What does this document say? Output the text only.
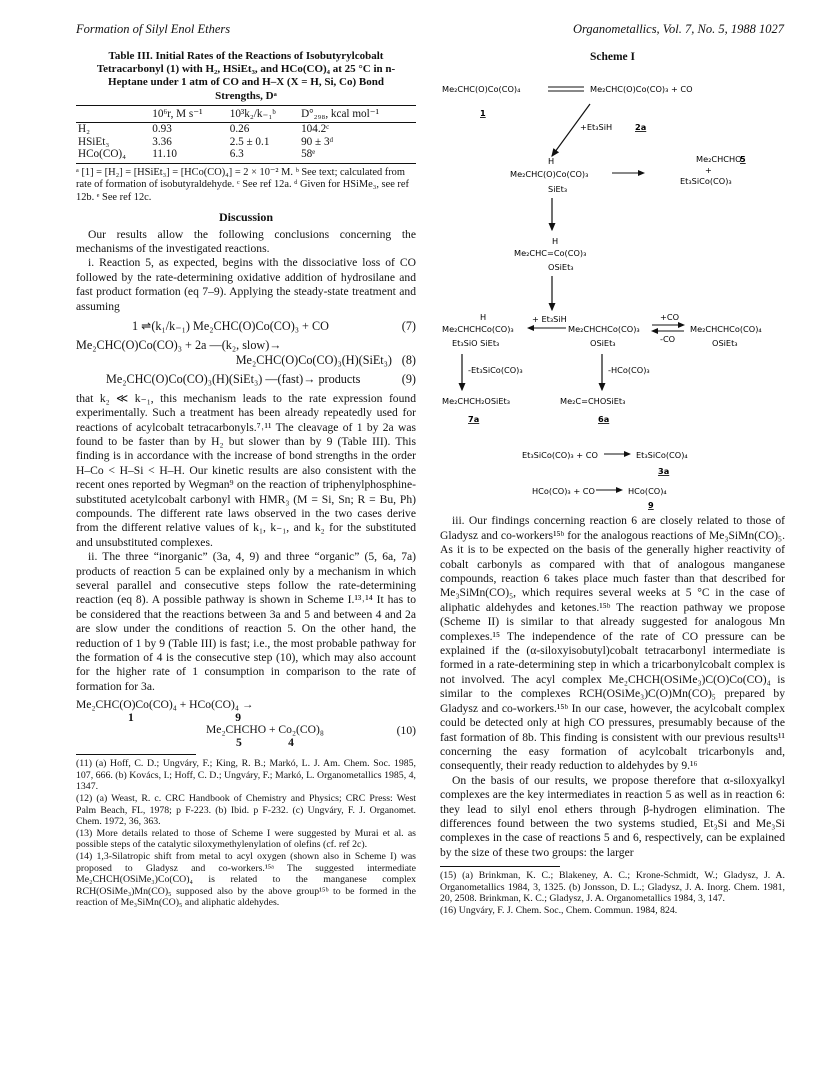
Formation of Silyl Enol Ethers	Organometallics, Vol. 7, No. 5, 1988 1027
Table III. Initial Rates of the Reactions of Isobutyrylcobalt Tetracarbonyl (1) with H₂, HSiEt₃, and HCo(CO)₄ at 25 °C in n-Heptane under 1 atm of CO and H–X (X = H, Si, Co) Bond Strengths, Dᵃ
	10⁶r, M s⁻¹	10³k₂/k₋₁ᵇ	D°₂₉₈, kcal mol⁻¹
H₂	0.93	0.26	104.2ᶜ
HSiEt₃	3.36	2.5 ± 0.1	90 ± 3ᵈ
HCo(CO)₄	11.10	6.3	58ᵉ
ᵃ [1] = [H₂] = [HSiEt₃] = [HCo(CO)₄] = 2 × 10⁻² M. ᵇ See text; calculated from rate of formation of isobutyraldehyde. ᶜ See ref 12a. ᵈ Given for HSiMe₃, see ref 12b. ᵉ See ref 12c.
Discussion

Our results allow the following conclusions concerning the mechanisms of the investigated reactions.

i. Reaction 5, as expected, begins with the dissociative loss of CO followed by the rate-determining oxidative addition of hydrosilane and fast product formation (eq 7–9). Applying the steady-state treatment and assuming

1 ⇌(k₁/k₋₁) Me₂CHC(O)Co(CO)₃ + CO	(7)
Me₂CHC(O)Co(CO)₃ + 2a —(k₂, slow)→
Me₂CHC(O)Co(CO)₃(H)(SiEt₃) (8)
Me₂CHC(O)Co(CO)₃(H)(SiEt₃) —(fast)→ products	(9)

that k₂ ≪ k₋₁, this mechanism leads to the rate expression found experimentally. Such a treatment has been already repeatedly used for reactions of acylcobalt tetracarbonyls.⁷˒¹¹ The cleavage of 1 by 2a was found to be faster than by H₂ but slower than by 9 (Table III). This finding is in accordance with the increase of bond strengths in the order H–Co < H–Si < H–H. Our kinetic results are also consistent with the recent ones reported by Wegman⁹ on the reaction of triphenylphosphine-substituted acetylcobalt carbonyl with HMR₃ (M = Si, Sn; R = Bu, Ph) compounds. The different rate laws observed in the two cases derive from the different relative values of k₁, k₋₁, and k₂ for the substituted and unsubstituted complexes.

ii. The three “inorganic” (3a, 4, 9) and three “organic” (5, 6a, 7a) products of reaction 5 can be explained only by a mechanism in which several parallel and consecutive steps follow the rate-determining reaction (eq 8). A possible pathway is shown in Scheme I.¹³˒¹⁴ It has to be considered that the reactions between 3a and 5 and between 4 and 2a are slow under the conditions of reaction 5. On the other hand, the reduction of 1 by 9 (Table III) is fast; i.e., the most probable pathway for the formation of 4 is the consecutive step (10), which may also account for the higher rate of 1 consumption in comparison to the rate of formation for 3a.

Me₂CHC(O)Co(CO)₄ + HCo(CO)₄ →
1                                   9
Me₂CHCHO + Co₂(CO)₈
5                4
(10)
(11) (a) Hoff, C. D.; Ungváry, F.; King, R. B.; Markó, L. J. Am. Chem. Soc. 1985, 107, 666. (b) Kovács, I.; Hoff, C. D.; Ungváry, F.; Markó, L. Organometallics 1985, 4, 1347.
(12) (a) Weast, R. c. CRC Handbook of Chemistry and Physics; CRC Press: West Palm Beach, FL, 1978; p F-223. (b) Ibid. p F-232. (c) Ungváry, F. J. Organomet. Chem. 1972, 36, 363.
(13) More details related to those of Scheme I were suggested by Murai et al. as possible steps of the catalytic siloxymethylenylation of olefins (cf. ref 2c).
(14) 1,3-Silatropic shift from metal to acyl oxygen (shown also in Scheme I) was proposed to Gladysz and co-workers.¹⁵ᵃ The suggested intermediate Me₂CHCH(OSiMe₃)Co(CO)₄ is related to the manganese complex RCH(OSiMe₃)Mn(CO)₅ supposed also by the above group¹⁵ᵇ to be formed in the reaction of Me₃SiMn(CO)₅ and aliphatic aldehydes.
Scheme I
Me₂CHC(O)Co(CO)₄	Me₂CHC(O)Co(CO)₃ + CO
1
+Et₃SiH	2a
H
Me₂CHC(O)Co(CO)₃
SiEt₃
Me₂CHCHO
5
+
Et₃SiCo(CO)₃
H
Me₂CHC=Co(CO)₃
OSiEt₃
H
Me₂CHCHCo(CO)₃
Et₃SiO SiEt₃
+ Et₃SiH
Me₂CHCHCo(CO)₃
OSiEt₃
+CO
-CO
Me₂CHCHCo(CO)₄
OSiEt₃
-Et₃SiCo(CO)₃	-HCo(CO)₃
Me₂CHCH₂OSiEt₃
7a
Me₂C=CHOSiEt₃
6a
Et₃SiCo(CO)₃ + CO	Et₃SiCo(CO)₄
3a
HCo(CO)₃ + CO	HCo(CO)₄
9

iii. Our findings concerning reaction 6 are closely related to those of Gladysz and co-workers¹⁵ᵇ for the analogous reactions of Me₃SiMn(CO)₅. As it is to be expected on the basis of the generally higher reactivity of cobalt carbonyls as compared with that of analogous manganese compounds, reaction 6 takes place much faster than that described for Me₃SiMn(CO)₅, which requires several weeks at 5 °C in the case of aliphatic aldehydes and ketones.¹⁵ᵇ The reaction pathway we propose (Scheme II) is similar to that already suggested for analogous Mn complexes.¹⁵ The independence of the rate of CO pressure can be explained if the (α-siloxyisobutyl)cobalt tetracarbonyl intermediate is formed in a rate-determining step in which a tricarbonylcobalt complex is not involved. The acyl complex Me₂CHCH(OSiMe₃)C(O)Co(CO)₄ is similar to the complexes RCH(OSiMe₃)C(O)Mn(CO)₅ prepared by Gladysz and co-workers.¹⁵ᵇ In our case, however, the acylcobalt complex could be detected only at high CO pressures, presumably because of the fast formation of 8b. This finding is consistent with our previous results¹¹ concerning the easy formation of acylcobalt tricarbonyls and, consequently, their ready reduction to aldehydes by 9.¹⁶

On the basis of our results, we propose therefore that α-siloxyalkyl complexes are the key intermediates in reaction 5 as well as in reaction 6: they lead to silyl enol ethers through β-hydrogen elimination. The differences found between the two systems studied, Et₃Si and Me₃Si complexes in the case of reactions 5 and 6, respectively, can be explained by the size of these two groups: the larger

(15) (a) Brinkman, K. C.; Blakeney, A. C.; Krone-Schmidt, W.; Gladysz, J. A. Organometallics 1984, 3, 1325. (b) Jonsson, D. L.; Gladysz, J. A. Inorg. Chem. 1981, 20, 2508. Brinkman, K. C.; Gladysz, J. A. Organometallics 1984, 3, 147.
(16) Ungváry, F. J. Chem. Soc., Chem. Commun. 1984, 824.
